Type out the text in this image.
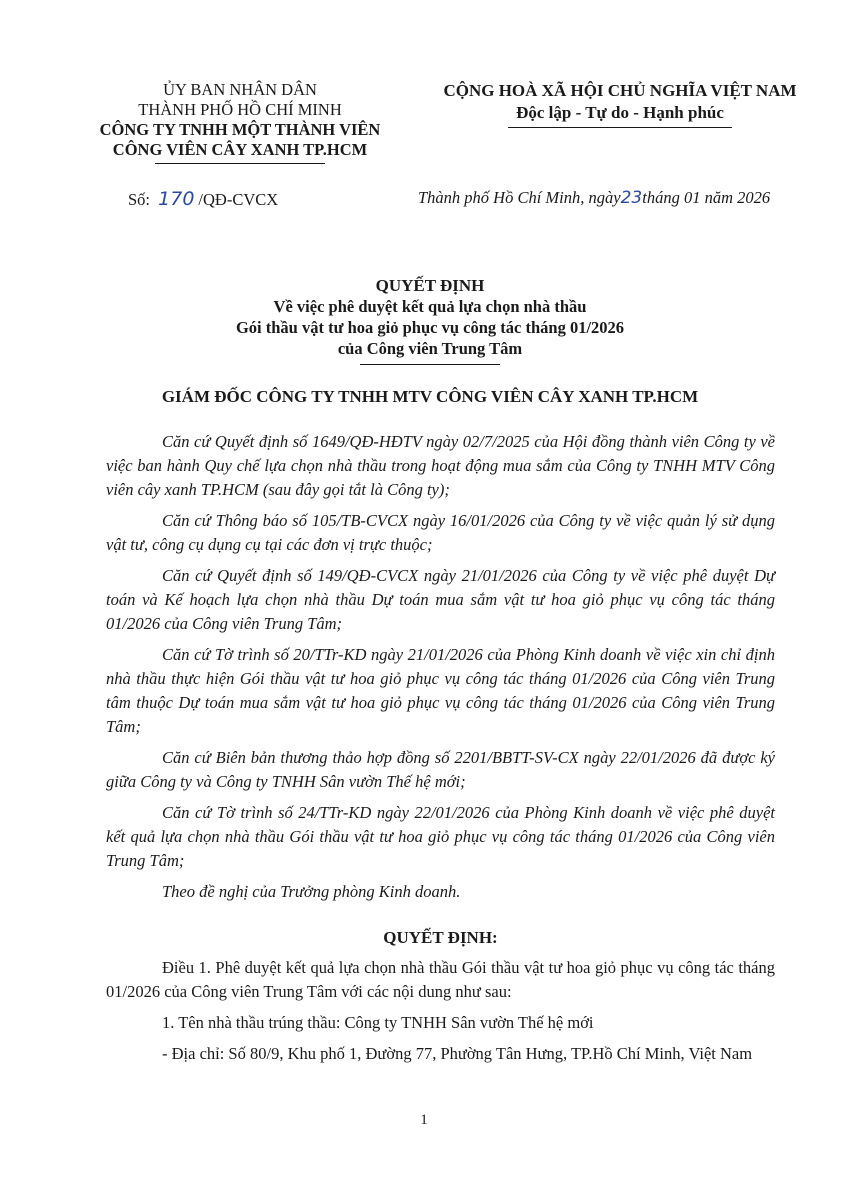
ỦY BAN NHÂN DÂN
THÀNH PHỐ HỒ CHÍ MINH
CÔNG TY TNHH MỘT THÀNH VIÊN
CÔNG VIÊN CÂY XANH TP.HCM
CỘNG HOÀ XÃ HỘI CHỦ NGHĨA VIỆT NAM
Độc lập - Tự do - Hạnh phúc
Số: 170 /QĐ-CVCX	Thành phố Hồ Chí Minh, ngày23tháng 01 năm 2026
QUYẾT ĐỊNH
Về việc phê duyệt kết quả lựa chọn nhà thầu
Gói thầu vật tư hoa giỏ phục vụ công tác tháng 01/2026
của Công viên Trung Tâm
GIÁM ĐỐC CÔNG TY TNHH MTV CÔNG VIÊN CÂY XANH TP.HCM

Căn cứ Quyết định số 1649/QĐ-HĐTV ngày 02/7/2025 của Hội đồng thành viên Công ty về việc ban hành Quy chế lựa chọn nhà thầu trong hoạt động mua sắm của Công ty TNHH MTV Công viên cây xanh TP.HCM (sau đây gọi tắt là Công ty);

Căn cứ Thông báo số 105/TB-CVCX ngày 16/01/2026 của Công ty về việc quản lý sử dụng vật tư, công cụ dụng cụ tại các đơn vị trực thuộc;

Căn cứ Quyết định số 149/QĐ-CVCX ngày 21/01/2026 của Công ty về việc phê duyệt Dự toán và Kế hoạch lựa chọn nhà thầu Dự toán mua sắm vật tư hoa giỏ phục vụ công tác tháng 01/2026 của Công viên Trung Tâm;

Căn cứ Tờ trình số 20/TTr-KD ngày 21/01/2026 của Phòng Kinh doanh về việc xin chỉ định nhà thầu thực hiện Gói thầu vật tư hoa giỏ phục vụ công tác tháng 01/2026 của Công viên Trung tâm thuộc Dự toán mua sắm vật tư hoa giỏ phục vụ công tác tháng 01/2026 của Công viên Trung Tâm;

Căn cứ Biên bản thương thảo hợp đồng số 2201/BBTT-SV-CX ngày 22/01/2026 đã được ký giữa Công ty và Công ty TNHH Sân vườn Thế hệ mới;

Căn cứ Tờ trình số 24/TTr-KD ngày 22/01/2026 của Phòng Kinh doanh về việc phê duyệt kết quả lựa chọn nhà thầu Gói thầu vật tư hoa giỏ phục vụ công tác tháng 01/2026 của Công viên Trung Tâm;

Theo đề nghị của Trưởng phòng Kinh doanh.

QUYẾT ĐỊNH:

Điều 1. Phê duyệt kết quả lựa chọn nhà thầu Gói thầu vật tư hoa giỏ phục vụ công tác tháng 01/2026 của Công viên Trung Tâm với các nội dung như sau:

1. Tên nhà thầu trúng thầu: Công ty TNHH Sân vườn Thế hệ mới

- Địa chỉ: Số 80/9, Khu phố 1, Đường 77, Phường Tân Hưng, TP.Hồ Chí Minh, Việt Nam

1
